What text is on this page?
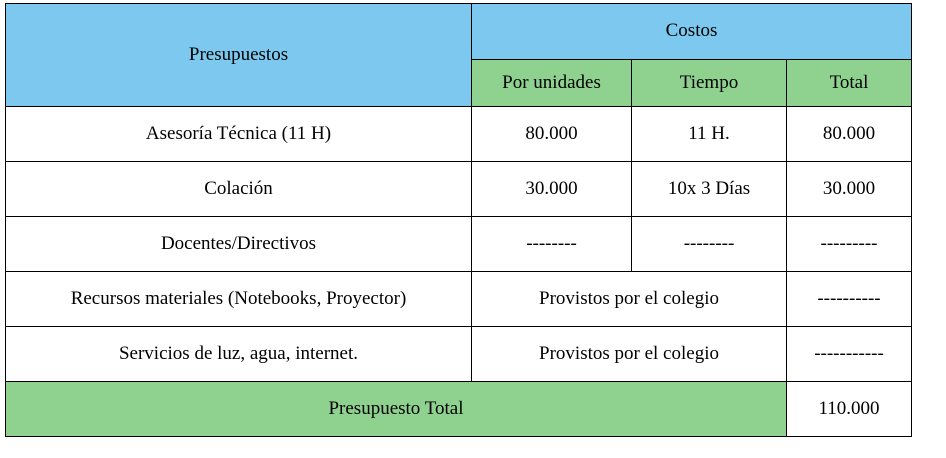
Presupuestos	Costos		
	Por unidades	Tiempo	Total
Asesoría Técnica (11 H)	80.000	11 H.	80.000
Colación	30.000	10x 3 Días	30.000
Docentes/Directivos	--------	--------	---------
Recursos materiales (Notebooks, Proyector)	Provistos por el colegio		----------
Servicios de luz, agua, internet.	Provistos por el colegio		-----------
Presupuesto Total			110.000
